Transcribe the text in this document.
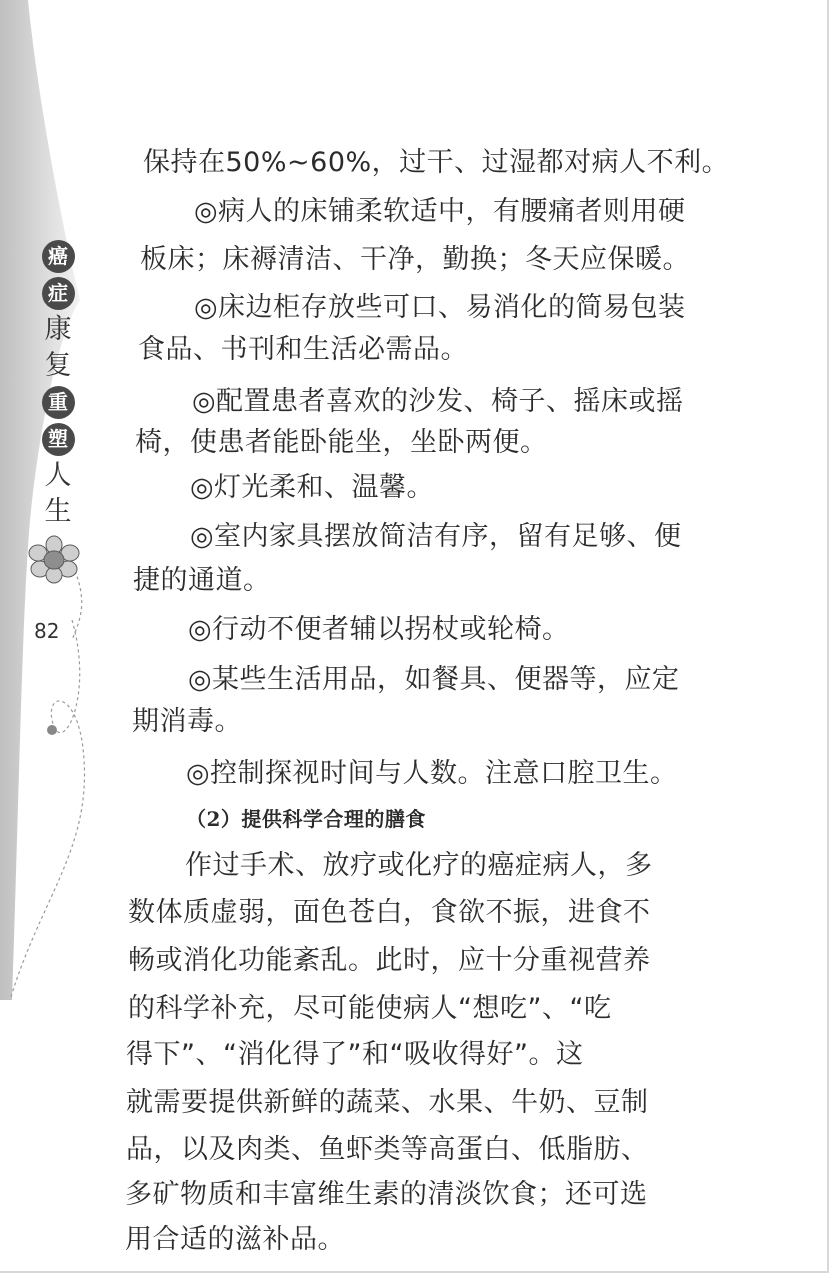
癌
症
康
复
重
塑
人
生
82
保持在50%~60%，过干、过湿都对病人不利。
◎病人的床铺柔软适中，有腰痛者则用硬
板床；床褥清洁、干净，勤换；冬天应保暖。
◎床边柜存放些可口、易消化的简易包装
食品、书刊和生活必需品。
◎配置患者喜欢的沙发、椅子、摇床或摇
椅，使患者能卧能坐，坐卧两便。
◎灯光柔和、温馨。
◎室内家具摆放简洁有序，留有足够、便
捷的通道。
◎行动不便者辅以拐杖或轮椅。
◎某些生活用品，如餐具、便器等，应定
期消毒。
◎控制探视时间与人数。注意口腔卫生。
（2）提供科学合理的膳食
作过手术、放疗或化疗的癌症病人，多
数体质虚弱，面色苍白，食欲不振，进食不
畅或消化功能紊乱。此时，应十分重视营养
的科学补充，尽可能使病人“想吃”、“吃
得下”、“消化得了”和“吸收得好”。这
就需要提供新鲜的蔬菜、水果、牛奶、豆制
品，以及肉类、鱼虾类等高蛋白、低脂肪、
多矿物质和丰富维生素的清淡饮食；还可选
用合适的滋补品。
